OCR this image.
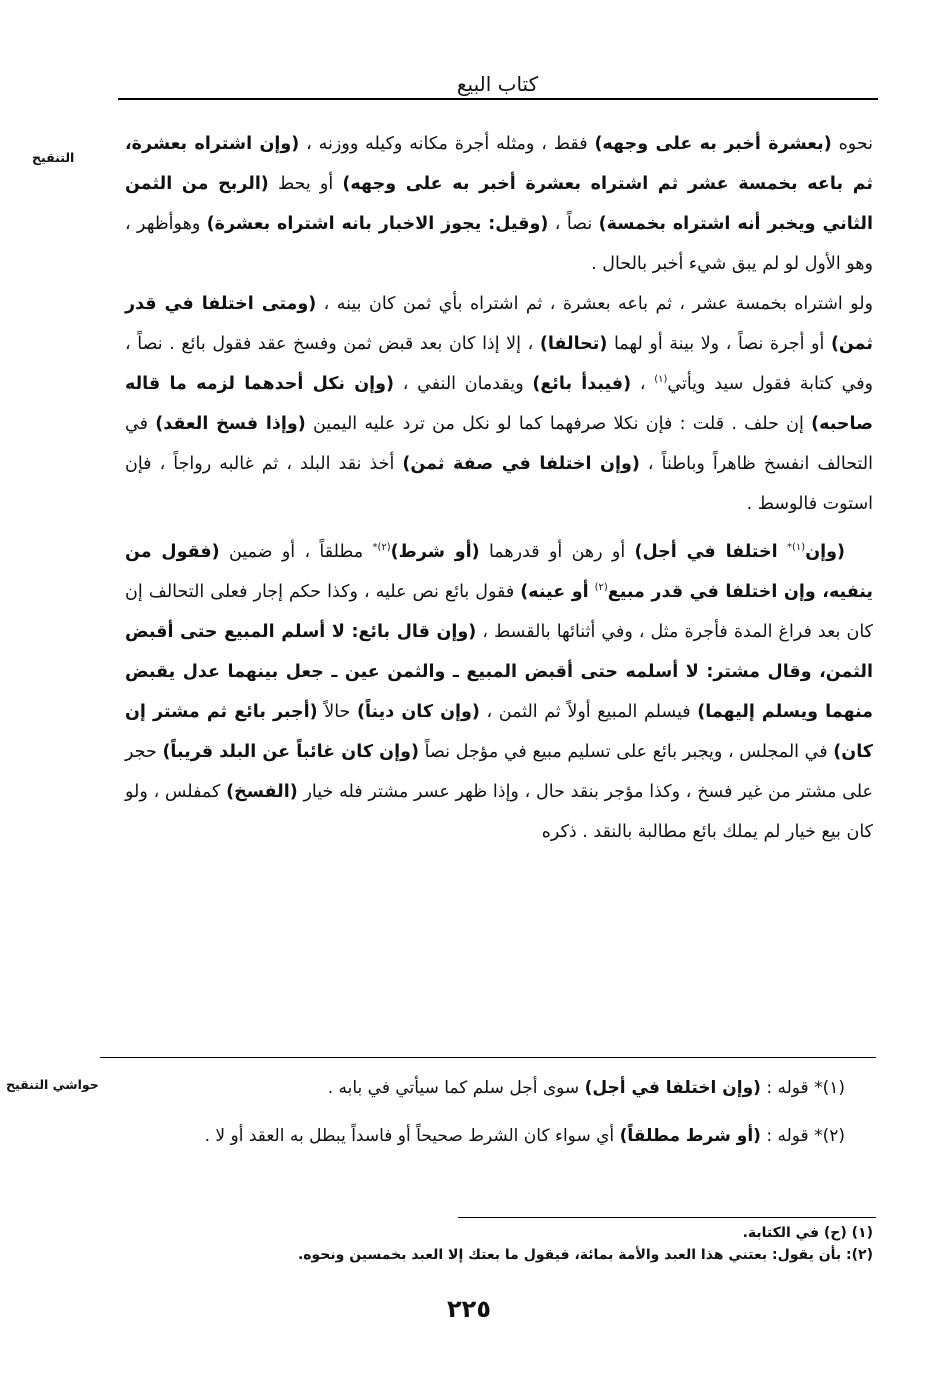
كتاب البيع
التنقيح
حواشي التنقيح

نحوه (بعشرة أخبر به على وجهه) فقط ، ومثله أجرة مكانه وكيله ووزنه ، (وإن اشتراه بعشرة، ثم باعه بخمسة عشر ثم اشتراه بعشرة أخبر به على وجهه) أو يحط (الربح من الثمن الثاني ويخبر أنه اشتراه بخمسة) نصاً ، (وقيل: يجوز الاخبار بانه اشتراه بعشرة) وهوأظهر ، وهو الأول لو لم يبق شيء أخبر بالحال .

ولو اشتراه بخمسة عشر ، ثم باعه بعشرة ، ثم اشتراه بأي ثمن كان بينه ، (ومتى اختلفا في قدر ثمن) أو أجرة نصاً ، ولا بينة أو لهما (تحالفا) ، إلا إذا كان بعد قبض ثمن وفسخ عقد فقول بائع . نصاً ، وفي كتابة فقول سيد ويأتي$^{(١)}$ ، (فيبدأ بائع) ويقدمان النفي ، (وإن نكل أحدهما لزمه ما قاله صاحبه) إن حلف . قلت : فإن نكلا صرفهما كما لو نكل من ترد عليه اليمين (وإذا فسخ العقد) في التحالف انفسخ ظاهراً وباطناً ، (وإن اختلفا في صفة ثمن) أخذ نقد البلد ، ثم غالبه رواجاً ، فإن استوت فالوسط .

(وإن$^{(١)*}$ اختلفا في أجل) أو رهن أو قدرهما (أو شرط)$^{(٢)*}$ مطلقاً ، أو ضمين (فقول من ينفيه، وإن اختلفا في قدر مبيع$^{(٢)}$ أو عينه) فقول بائع نص عليه ، وكذا حكم إجار فعلى التحالف إن كان بعد فراغ المدة فأجرة مثل ، وفي أثنائها بالقسط ، (وإن قال بائع: لا أسلم المبيع حتى أقبض الثمن، وقال مشتر: لا أسلمه حتى أقبض المبيع ـ والثمن عين ـ جعل بينهما عدل يقبض منهما ويسلم إليهما) فيسلم المبيع أولاً ثم الثمن ، (وإن كان ديناً) حالاً (أجبر بائع ثم مشتر إن كان) في المجلس ، ويجبر بائع على تسليم مبيع في مؤجل نصاً (وإن كان غائباً عن البلد قريباً) حجر على مشتر من غير فسخ ، وكذا مؤجر بنقد حال ، وإذا ظهر عسر مشتر فله خيار (الفسخ) كمفلس ، ولو كان بيع خيار لم يملك بائع مطالبة بالنقد . ذكره

(١)* قوله : (وإن اختلفا في أجل) سوى أجل سلم كما سيأتي في بابه .

(٢)* قوله : (أو شرط مطلقاً) أي سواء كان الشرط صحيحاً أو فاسداً يبطل به العقد أو لا .

(١) (ح) في الكتابة.

(٢): بأن يقول: بعتني هذا العبد والأمة بمائة، فيقول ما بعتك إلا العبد بخمسين ونحوه.

٢٢٥
